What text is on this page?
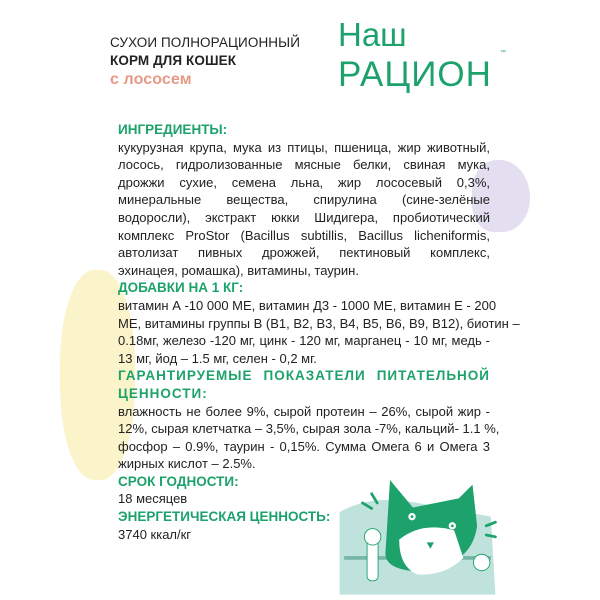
СУХОИ ПОЛНОРАЦИОННЫЙ
КОРМ ДЛЯ КОШЕК
с лососем
Наш
РАЦИОН
™
ИНГРЕДИЕНТЫ:
кукурузная крупа, мука из птицы, пшеница, жир животный,
лосось, гидролизованные мясные белки, свиная мука,
дрожжи сухие, семена льна, жир лососевый 0,3%,
минеральные вещества, спирулина (сине-зелёные
водоросли), экстракт юкки Шидигера, пробиотический
комплекс ProStor (Bacillus subtillis, Bacillus licheniformis,
автолизат пивных дрожжей, пектиновый комплекс,
эхинацея, ромашка), витамины, таурин.
ДОБАВКИ НА 1 КГ:
витамин А -10 000 МЕ, витамин Д3 - 1000 МЕ, витамин Е - 200
МЕ, витамины группы В (В1, В2, В3, В4, В5, В6, В9, В12), биотин –
0.18мг, железо -120 мг, цинк - 120 мг, марганец - 10 мг, медь -
13 мг, йод – 1.5 мг, селен - 0,2 мг.
ГАРАНТИРУЕМЫЕ ПОКАЗАТЕЛИ ПИТАТЕЛЬНОЙ
ЦЕННОСТИ:
влажность не более 9%, сырой протеин – 26%, сырой жир -
12%, сырая клетчатка – 3,5%, сырая зола -7%, кальций- 1.1 %,
фосфор – 0.9%, таурин - 0,15%. Сумма Омега 6 и Омега 3
жирных кислот – 2.5%.
СРОК ГОДНОСТИ:
18 месяцев
ЭНЕРГЕТИЧЕСКАЯ ЦЕННОСТЬ:
3740 ккал/кг
